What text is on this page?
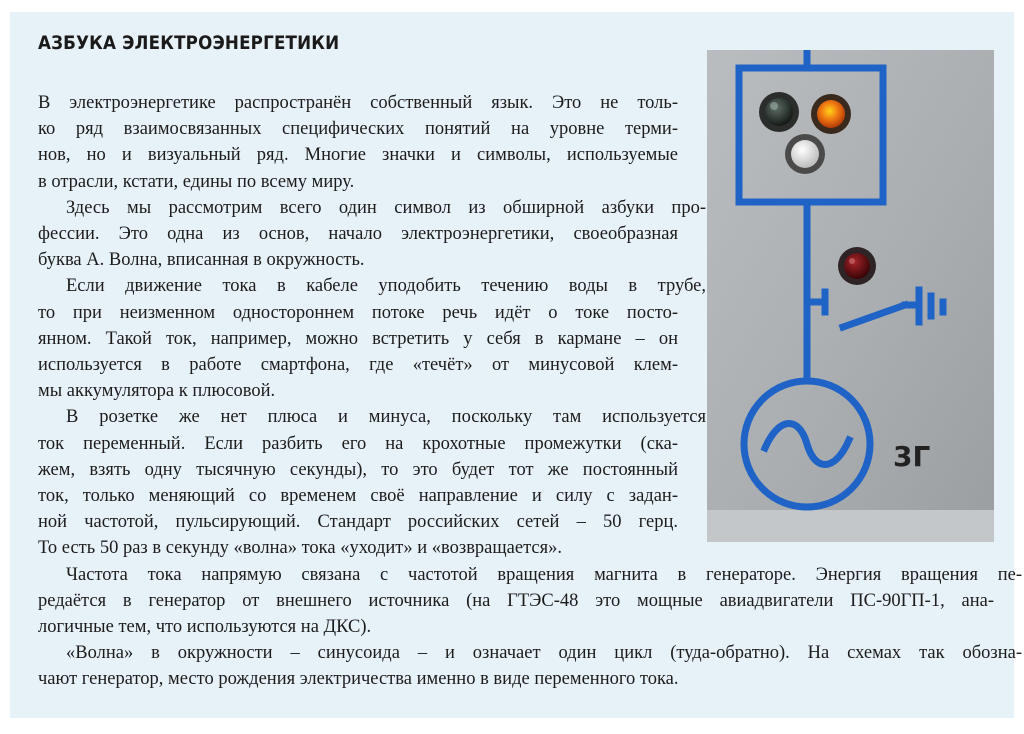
АЗБУКА ЭЛЕКТРОЭНЕРГЕТИКИ

В электроэнергетике распространён собственный язык. Это не толь-
ко ряд взаимосвязанных специфических понятий на уровне терми-
нов, но и визуальный ряд. Многие значки и символы, используемые
в отрасли, кстати, едины по всему миру.

Здесь мы рассмотрим всего один символ из обширной азбуки про-
фессии. Это одна из основ, начало электроэнергетики, своеобразная
буква А. Волна, вписанная в окружность.

Если движение тока в кабеле уподобить течению воды в трубе,
то при неизменном одностороннем потоке речь идёт о токе посто-
янном. Такой ток, например, можно встретить у себя в кармане – он
используется в работе смартфона, где «течёт» от минусовой клем-
мы аккумулятора к плюсовой.

В розетке же нет плюса и минуса, поскольку там используется
ток переменный. Если разбить его на крохотные промежутки (ска-
жем, взять одну тысячную секунды), то это будет тот же постоянный
ток, только меняющий со временем своё направление и силу с задан-
ной частотой, пульсирующий. Стандарт российских сетей – 50 герц.
То есть 50 раз в секунду «волна» тока «уходит» и «возвращается».

Частота тока напрямую связана с частотой вращения магнита в генераторе. Энергия вращения пе-
редаётся в генератор от внешнего источника (на ГТЭС-48 это мощные авиадвигатели ПС-90ГП-1, ана-
логичные тем, что используются на ДКС).

«Волна» в окружности – синусоида – и означает один цикл (туда-обратно). На схемах так обозна-
чают генератор, место рождения электричества именно в виде переменного тока.

3Г
